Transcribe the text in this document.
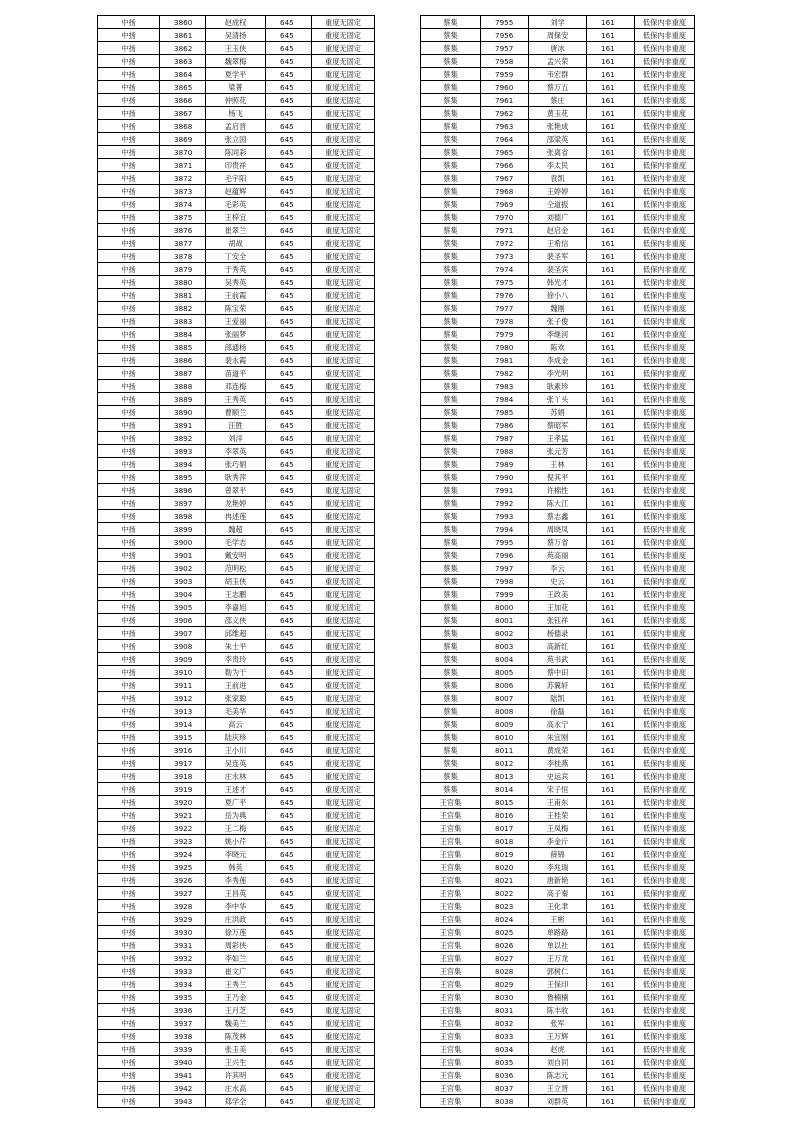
中扬	3860	赵成权	645	重度无固定
中扬	3861	吴清扬	645	重度无固定
中扬	3862	王玉侠	645	重度无固定
中扬	3863	魏翠梅	645	重度无固定
中扬	3864	夏学平	645	重度无固定
中扬	3865	梁菁	645	重度无固定
中扬	3866	仲照花	645	重度无固定
中扬	3867	杨飞	645	重度无固定
中扬	3868	孟启晋	645	重度无固定
中扬	3869	张立国	645	重度无固定
中扬	3870	陈同彩	645	重度无固定
中扬	3871	印贵祥	645	重度无固定
中扬	3872	毛宇阳	645	重度无固定
中扬	3873	赵蕴辉	645	重度无固定
中扬	3874	毛彩英	645	重度无固定
中扬	3875	王梓宜	645	重度无固定
中扬	3876	崔翠兰	645	重度无固定
中扬	3877	胡战	645	重度无固定
中扬	3878	丁安全	645	重度无固定
中扬	3879	于秀英	645	重度无固定
中扬	3880	吴秀英	645	重度无固定
中扬	3881	王前霞	645	重度无固定
中扬	3882	陈宝荣	645	重度无固定
中扬	3883	王爱丽	645	重度无固定
中扬	3884	张丽梦	645	重度无固定
中扬	3885	郎通杨	645	重度无固定
中扬	3886	裴永霞	645	重度无固定
中扬	3887	苗道平	645	重度无固定
中扬	3888	邓连梅	645	重度无固定
中扬	3889	王秀英	645	重度无固定
中扬	3890	曹顺兰	645	重度无固定
中扬	3891	汪胜	645	重度无固定
中扬	3892	刘洋	645	重度无固定
中扬	3893	李翠英	645	重度无固定
中扬	3894	张巧娟	645	重度无固定
中扬	3895	耿秀萍	645	重度无固定
中扬	3896	曾翠平	645	重度无固定
中扬	3897	龙艳婷	645	重度无固定
中扬	3898	冉述莲	645	重度无固定
中扬	3899	魏超	645	重度无固定
中扬	3900	毛学志	645	重度无固定
中扬	3901	戴安明	645	重度无固定
中扬	3902	范明松	645	重度无固定
中扬	3903	胡玉侠	645	重度无固定
中扬	3904	王志鹏	645	重度无固定
中扬	3905	李嘉旭	645	重度无固定
中扬	3906	邵义侠	645	重度无固定
中扬	3907	邱维超	645	重度无固定
中扬	3908	朱士平	645	重度无固定
中扬	3909	李贵玲	645	重度无固定
中扬	3910	勒为干	645	重度无固定
中扬	3911	王前进	645	重度无固定
中扬	3912	张家聪	645	重度无固定
中扬	3913	毛美华	645	重度无固定
中扬	3914	高云	645	重度无固定
中扬	3915	陆庆珍	645	重度无固定
中扬	3916	王小川	645	重度无固定
中扬	3917	吴连英	645	重度无固定
中扬	3918	庄永林	645	重度无固定
中扬	3919	王述才	645	重度无固定
中扬	3920	夏广平	645	重度无固定
中扬	3921	岳为典	645	重度无固定
中扬	3922	王二梅	645	重度无固定
中扬	3923	姚小芹	645	重度无固定
中扬	3924	李晓元	645	重度无固定
中扬	3925	韩英	645	重度无固定
中扬	3926	李秀莲	645	重度无固定
中扬	3927	王昌英	645	重度无固定
中扬	3928	李中华	645	重度无固定
中扬	3929	庄洪政	645	重度无固定
中扬	3930	徐万莲	645	重度无固定
中扬	3931	周彩侠	645	重度无固定
中扬	3932	李如兰	645	重度无固定
中扬	3933	崔文广	645	重度无固定
中扬	3934	王秀兰	645	重度无固定
中扬	3935	王乃金	645	重度无固定
中扬	3936	王月芝	645	重度无固定
中扬	3937	魏美兰	645	重度无固定
中扬	3938	陈茂林	645	重度无固定
中扬	3939	张玉美	645	重度无固定
中扬	3940	王兴生	645	重度无固定
中扬	3941	许其明	645	重度无固定
中扬	3942	庄水高	645	重度无固定
中扬	3943	郑学全	645	重度无固定
蔡集	7955	刘学	161	低保内非重度
蔡集	7956	周保安	161	低保内非重度
蔡集	7957	唐冰	161	低保内非重度
蔡集	7958	孟兴荣	161	低保内非重度
蔡集	7959	韦宏群	161	低保内非重度
蔡集	7960	蔡万五	161	低保内非重度
蔡集	7961	蔡庄	161	低保内非重度
蔡集	7962	黄玉花	161	低保内非重度
蔡集	7963	张艳成	161	低保内非重度
蔡集	7964	邵梁英	161	低保内非重度
蔡集	7965	张离省	161	低保内非重度
蔡集	7966	李太民	161	低保内非重度
蔡集	7967	袁凯	161	低保内非重度
蔡集	7968	王婷婷	161	低保内非重度
蔡集	7969	仝道振	161	低保内非重度
蔡集	7970	刘德广	161	低保内非重度
蔡集	7971	赵启金	161	低保内非重度
蔡集	7972	王希信	161	低保内非重度
蔡集	7973	裴圣军	161	低保内非重度
蔡集	7974	裴圣宾	161	低保内非重度
蔡集	7975	韩光才	161	低保内非重度
蔡集	7976	徐小八	161	低保内非重度
蔡集	7977	魏刚	161	低保内非重度
蔡集	7978	张子俊	161	低保内非重度
蔡集	7979	李继河	161	低保内非重度
蔡集	7980	陈欢	161	低保内非重度
蔡集	7981	李成金	161	低保内非重度
蔡集	7982	李光明	161	低保内非重度
蔡集	7983	耿素珍	161	低保内非重度
蔡集	7984	张丫头	161	低保内非重度
蔡集	7985	苏娟	161	低保内非重度
蔡集	7986	蔡昭军	161	低保内非重度
蔡集	7987	王孝猛	161	低保内非重度
蔡集	7988	张元芳	161	低保内非重度
蔡集	7989	王林	161	低保内非重度
蔡集	7990	倪其平	161	低保内非重度
蔡集	7991	许棉性	161	低保内非重度
蔡集	7992	陈大江	161	低保内非重度
蔡集	7993	蔡志鑫	161	低保内非重度
蔡集	7994	周晓凤	161	低保内非重度
蔡集	7995	蔡万省	161	低保内非重度
蔡集	7996	苑高丽	161	低保内非重度
蔡集	7997	李云	161	低保内非重度
蔡集	7998	史云	161	低保内非重度
蔡集	7999	王政美	161	低保内非重度
蔡集	8000	王加花	161	低保内非重度
蔡集	8001	张钰祥	161	低保内非重度
蔡集	8002	杨德录	161	低保内非重度
蔡集	8003	高新红	161	低保内非重度
蔡集	8004	苑书武	161	低保内非重度
蔡集	8005	蔡中田	161	低保内非重度
蔡集	8006	苏翼轩	161	低保内非重度
蔡集	8007	陆凯	161	低保内非重度
蔡集	8008	徐磊	161	低保内非重度
蔡集	8009	高永宁	161	低保内非重度
蔡集	8010	朱宜刚	161	低保内非重度
蔡集	8011	黄成荣	161	低保内非重度
蔡集	8012	李桂燕	161	低保内非重度
蔡集	8013	史运宾	161	低保内非重度
蔡集	8014	宋子恒	161	低保内非重度
王官集	8015	王甫东	161	低保内非重度
王官集	8016	王桂荣	161	低保内非重度
王官集	8017	王凤梅	161	低保内非重度
王官集	8018	李金斤	161	低保内非重度
王官集	8019	薛锦	161	低保内非重度
王官集	8020	李兆瑞	161	低保内非重度
王官集	8021	唐新艳	161	低保内非重度
王官集	8022	高子秦	161	低保内非重度
王官集	8023	王化聿	161	低保内非重度
王官集	8024	王彬	161	低保内非重度
王官集	8025	单路路	161	低保内非重度
王官集	8026	单以社	161	低保内非重度
王官集	8027	王万龙	161	低保内非重度
王官集	8028	郭树仁	161	低保内非重度
王官集	8029	王保印	161	低保内非重度
王官集	8030	鲁楠楠	161	低保内非重度
王官集	8031	陈丰收	161	低保内非重度
王官集	8032	张军	161	低保内非重度
王官集	8033	王万辉	161	低保内非重度
王官集	8034	赵虎	161	低保内非重度
王官集	8035	刘自同	161	低保内非重度
王官集	8036	陈志元	161	低保内非重度
王官集	8037	王立晋	161	低保内非重度
王官集	8038	刘群英	161	低保内非重度
